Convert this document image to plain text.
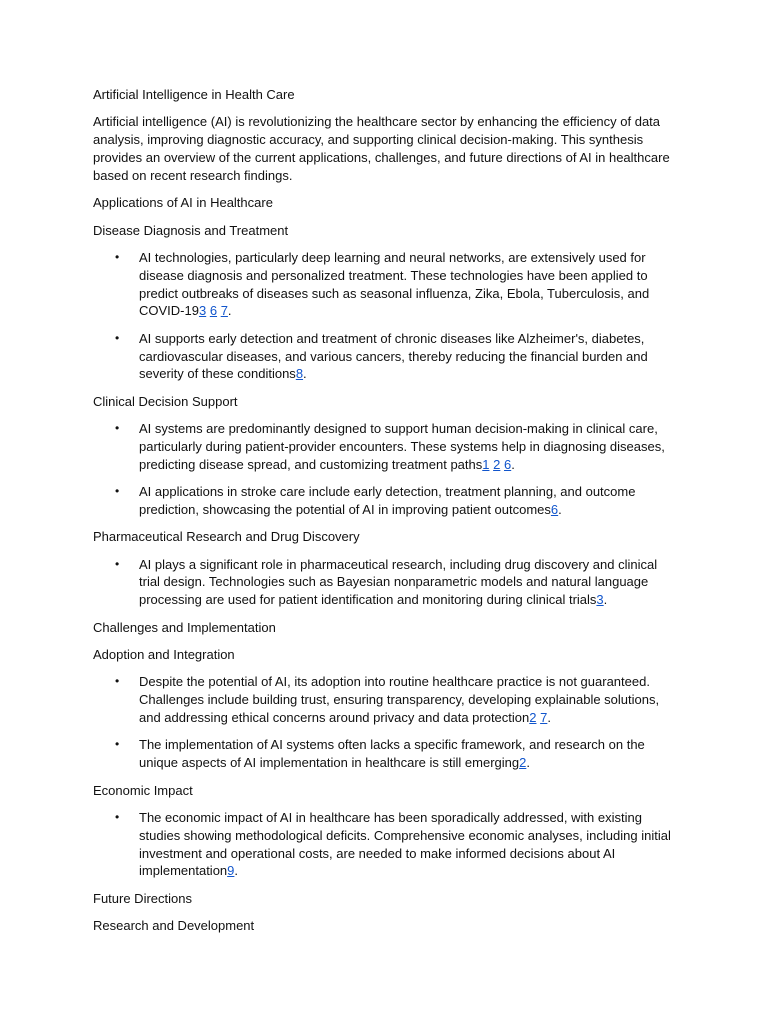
Artificial Intelligence in Health Care

Artificial intelligence (AI) is revolutionizing the healthcare sector by enhancing the efficiency of data analysis, improving diagnostic accuracy, and supporting clinical decision-making. This synthesis provides an overview of the current applications, challenges, and future directions of AI in healthcare based on recent research findings.

Applications of AI in Healthcare

Disease Diagnosis and Treatment

• AI technologies, particularly deep learning and neural networks, are extensively used for disease diagnosis and personalized treatment. These technologies have been applied to predict outbreaks of diseases such as seasonal influenza, Zika, Ebola, Tuberculosis, and COVID-193 6 7.
• AI supports early detection and treatment of chronic diseases like Alzheimer's, diabetes, cardiovascular diseases, and various cancers, thereby reducing the financial burden and severity of these conditions8.

Clinical Decision Support

• AI systems are predominantly designed to support human decision-making in clinical care, particularly during patient-provider encounters. These systems help in diagnosing diseases, predicting disease spread, and customizing treatment paths1 2 6.
• AI applications in stroke care include early detection, treatment planning, and outcome prediction, showcasing the potential of AI in improving patient outcomes6.

Pharmaceutical Research and Drug Discovery

• AI plays a significant role in pharmaceutical research, including drug discovery and clinical trial design. Technologies such as Bayesian nonparametric models and natural language processing are used for patient identification and monitoring during clinical trials3.

Challenges and Implementation

Adoption and Integration

• Despite the potential of AI, its adoption into routine healthcare practice is not guaranteed. Challenges include building trust, ensuring transparency, developing explainable solutions, and addressing ethical concerns around privacy and data protection2 7.
• The implementation of AI systems often lacks a specific framework, and research on the unique aspects of AI implementation in healthcare is still emerging2.

Economic Impact

• The economic impact of AI in healthcare has been sporadically addressed, with existing studies showing methodological deficits. Comprehensive economic analyses, including initial investment and operational costs, are needed to make informed decisions about AI implementation9.

Future Directions

Research and Development
